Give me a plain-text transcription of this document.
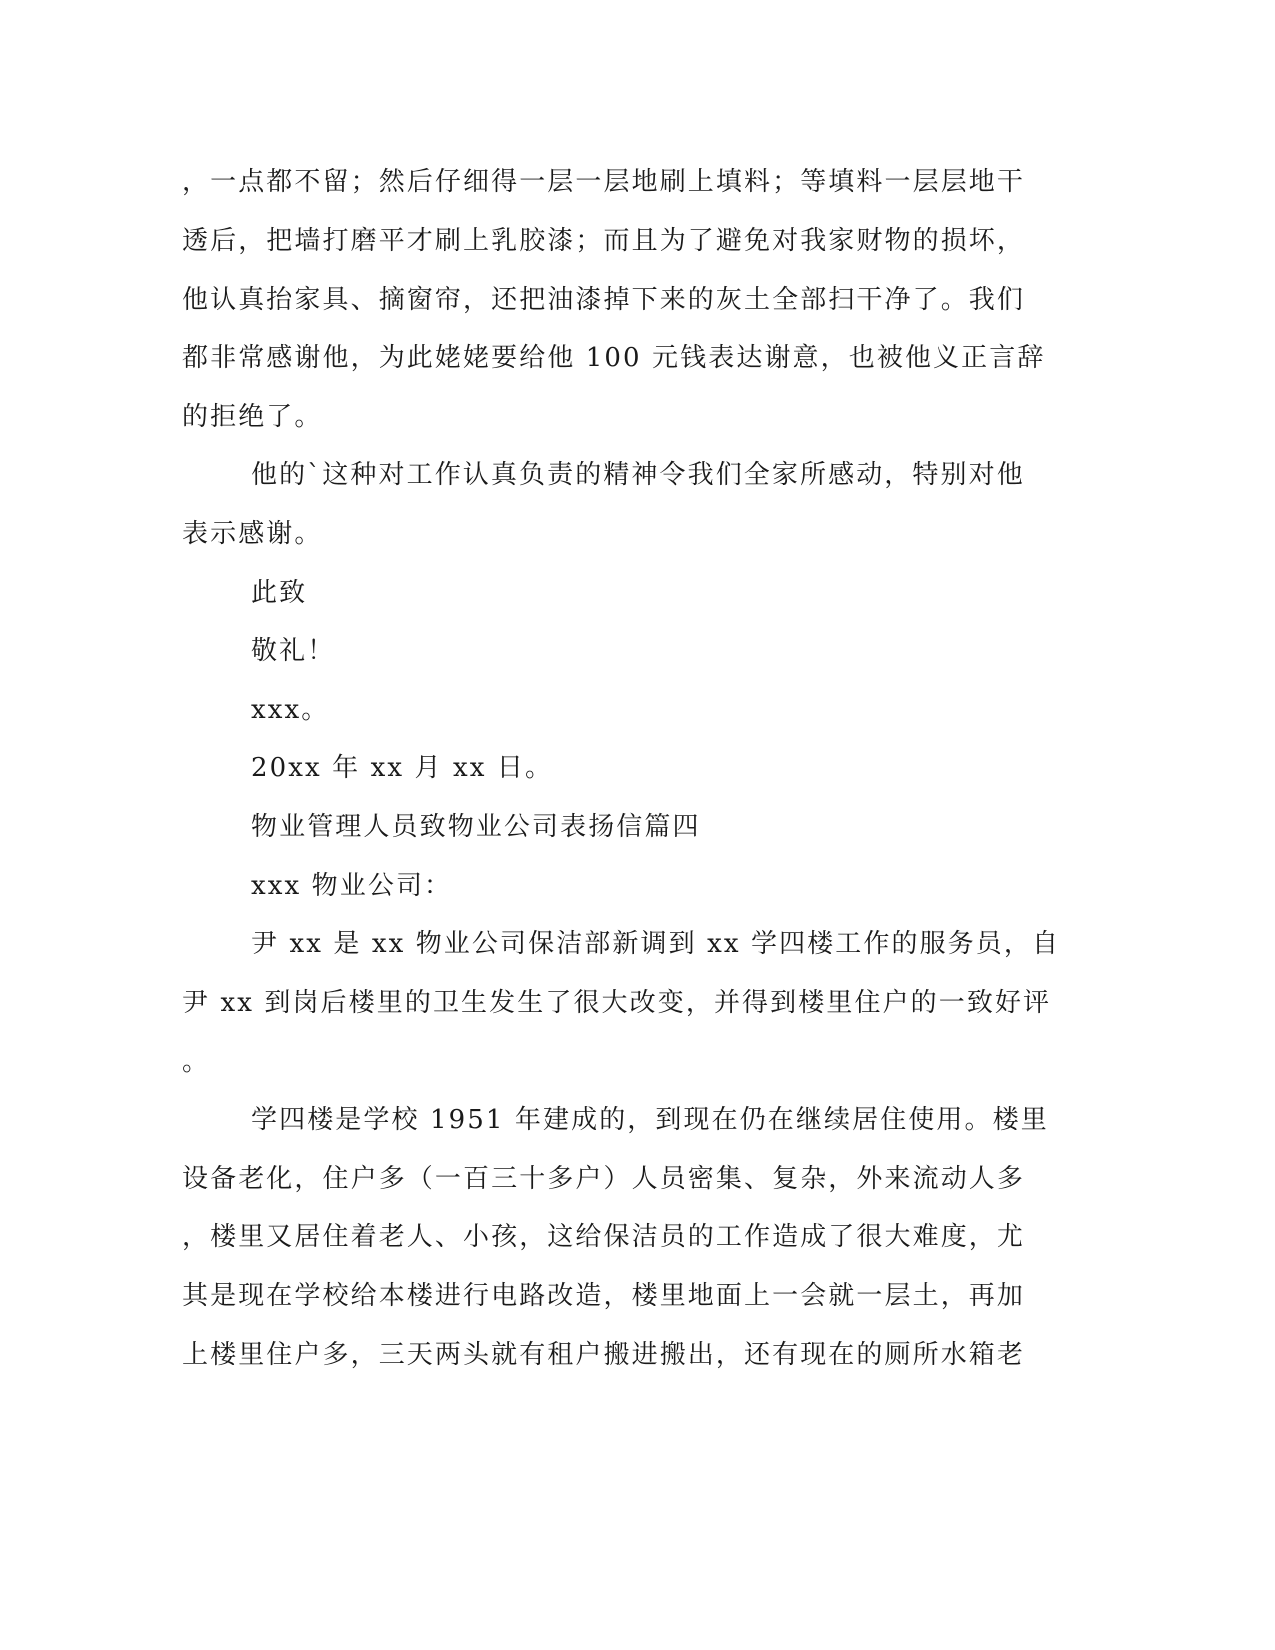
，一点都不留；然后仔细得一层一层地刷上填料；等填料一层层地干
透后，把墙打磨平才刷上乳胶漆；而且为了避免对我家财物的损坏，
他认真抬家具、摘窗帘，还把油漆掉下来的灰土全部扫干净了。我们
都非常感谢他，为此姥姥要给他 100 元钱表达谢意，也被他义正言辞
的拒绝了。
他的`这种对工作认真负责的精神令我们全家所感动，特别对他
表示感谢。
此致
敬礼！
xxx。
20xx 年 xx 月 xx 日。
物业管理人员致物业公司表扬信篇四
xxx 物业公司：
尹 xx 是 xx 物业公司保洁部新调到 xx 学四楼工作的服务员，自
尹 xx 到岗后楼里的卫生发生了很大改变，并得到楼里住户的一致好评
。
学四楼是学校 1951 年建成的，到现在仍在继续居住使用。楼里
设备老化，住户多（一百三十多户）人员密集、复杂，外来流动人多
，楼里又居住着老人、小孩，这给保洁员的工作造成了很大难度，尤
其是现在学校给本楼进行电路改造，楼里地面上一会就一层土，再加
上楼里住户多，三天两头就有租户搬进搬出，还有现在的厕所水箱老
